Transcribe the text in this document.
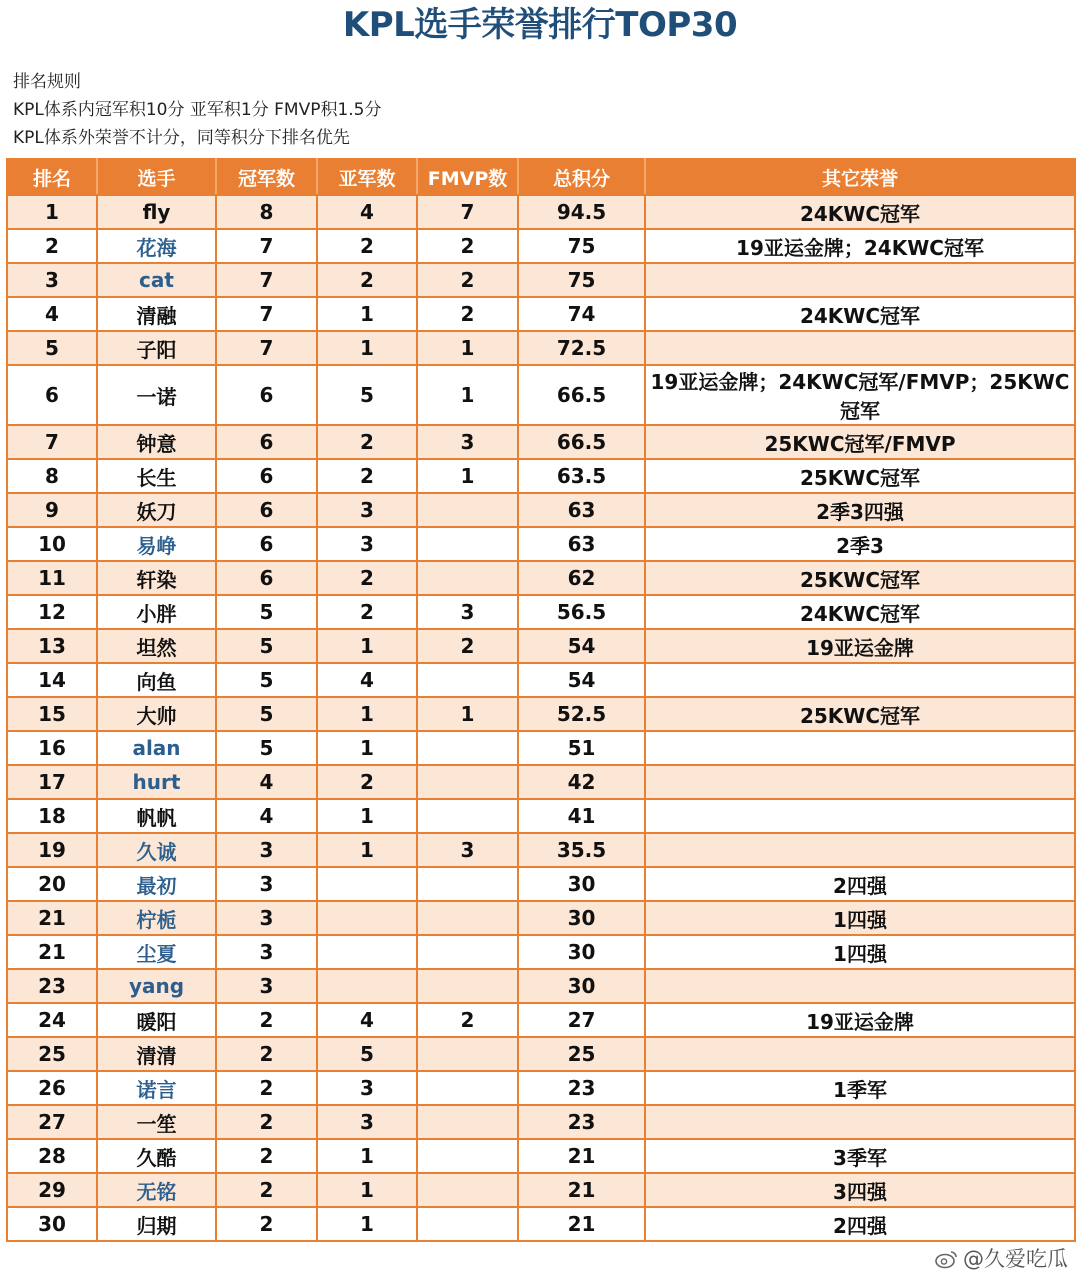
KPL选手荣誉排行TOP30
排名规则
KPL体系内冠军积10分 亚军积1分 FMVP积1.5分
KPL体系外荣誉不计分，同等积分下排名优先
排名	选手	冠军数	亚军数	FMVP数	总积分	其它荣誉
1	fly	8	4	7	94.5	24KWC冠军
2	花海	7	2	2	75	19亚运金牌；24KWC冠军
3	cat	7	2	2	75	
4	清融	7	1	2	74	24KWC冠军
5	子阳	7	1	1	72.5	
6	一诺	6	5	1	66.5	19亚运金牌；24KWC冠军/FMVP；25KWC冠军
7	钟意	6	2	3	66.5	25KWC冠军/FMVP
8	长生	6	2	1	63.5	25KWC冠军
9	妖刀	6	3		63	2季3四强
10	易峥	6	3		63	2季3
11	轩染	6	2		62	25KWC冠军
12	小胖	5	2	3	56.5	24KWC冠军
13	坦然	5	1	2	54	19亚运金牌
14	向鱼	5	4		54	
15	大帅	5	1	1	52.5	25KWC冠军
16	alan	5	1		51	
17	hurt	4	2		42	
18	帆帆	4	1		41	
19	久诚	3	1	3	35.5	
20	最初	3			30	2四强
21	柠栀	3			30	1四强
21	尘夏	3			30	1四强
23	yang	3			30	
24	暖阳	2	4	2	27	19亚运金牌
25	清清	2	5		25	
26	诺言	2	3		23	1季军
27	一笙	2	3		23	
28	久酷	2	1		21	3季军
29	无铭	2	1		21	3四强
30	归期	2	1		21	2四强
@久爱吃瓜
